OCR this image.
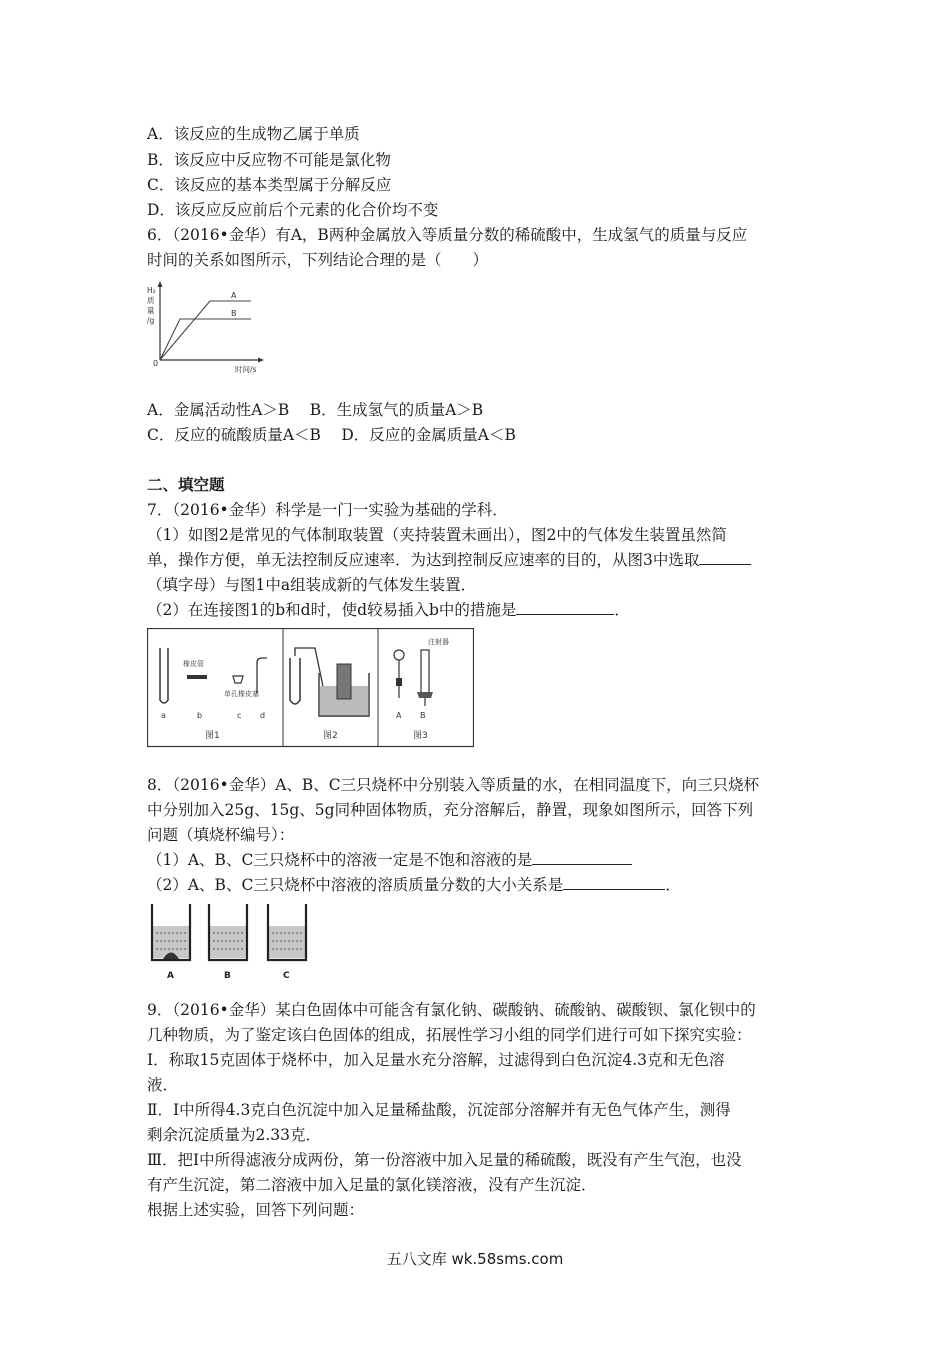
A．该反应的生成物乙属于单质
B．该反应中反应物不可能是氯化物
C．该反应的基本类型属于分解反应
D．该反应反应前后个元素的化合价均不变
6．（2016•金华）有A，B两种金属放入等质量分数的稀硫酸中，生成氢气的质量与反应
时间的关系如图所示，下列结论合理的是（　　）
A
B
H₂
质
量
/g
0
时间/s
A．金属活动性A＞B　 B．生成氢气的质量A＞B
C．反应的硫酸质量A＜B　 D．反应的金属质量A＜B
二、填空题
7．（2016•金华）科学是一门一实验为基础的学科．
（1）如图2是常见的气体制取装置（夹持装置未画出），图2中的气体发生装置虽然简
单，操作方便，单无法控制反应速率．为达到控制反应速率的目的，从图3中选取
（填字母）与图1中a组装成新的气体发生装置．
（2）在连接图1的b和d时，使d较易插入b中的措施是	．
橡皮管
单孔橡皮塞
a	b	c d
图1	图2
注射器
A B
图3
8．（2016•金华）A、B、C三只烧杯中分别装入等质量的水，在相同温度下，向三只烧杯
中分别加入25g、15g、5g同种固体物质，充分溶解后，静置，现象如图所示，回答下列
问题（填烧杯编号）：
（1）A、B、C三只烧杯中的溶液一定是不饱和溶液的是
（2）A、B、C三只烧杯中溶液的溶质质量分数的大小关系是	．
A	B	C
9．（2016•金华）某白色固体中可能含有氯化钠、碳酸钠、硫酸钠、碳酸钡、氯化钡中的
几种物质，为了鉴定该白色固体的组成，拓展性学习小组的同学们进行可如下探究实验：
Ⅰ．称取15克固体于烧杯中，加入足量水充分溶解，过滤得到白色沉淀4.3克和无色溶
液．
Ⅱ．Ⅰ中所得4.3克白色沉淀中加入足量稀盐酸，沉淀部分溶解并有无色气体产生，测得
剩余沉淀质量为2.33克．
Ⅲ．把Ⅰ中所得滤液分成两份，第一份溶液中加入足量的稀硫酸，既没有产生气泡，也没
有产生沉淀，第二溶液中加入足量的氯化镁溶液，没有产生沉淀．
根据上述实验，回答下列问题：
五八文库 wk.58sms.com
